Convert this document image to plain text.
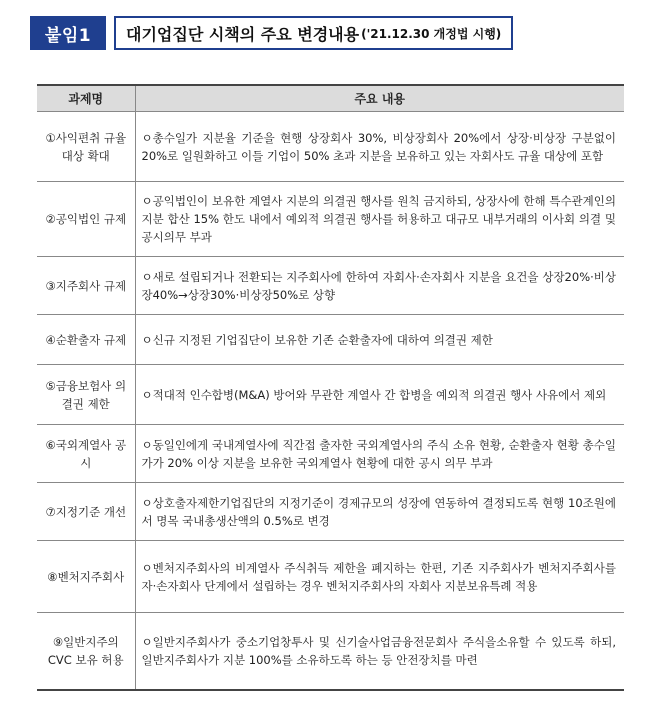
붙임1	대기업집단 시책의 주요 변경내용 ('21.12.30 개정법 시행)
과제명	주요 내용
①사익편취 규율대상 확대	ㅇ총수일가 지분율 기준을 현행 상장회사 30%, 비상장회사 20%에서 상장·비상장 구분없이 20%로 일원화하고 이들 기업이 50% 초과 지분을 보유하고 있는 자회사도 규율 대상에 포함
②공익법인 규제	ㅇ공익법인이 보유한 계열사 지분의 의결권 행사를 원칙 금지하되, 상장사에 한해 특수관계인의 지분 합산 15% 한도 내에서 예외적 의결권 행사를 허용하고 대규모 내부거래의 이사회 의결 및 공시의무 부과
③지주회사 규제	ㅇ새로 설립되거나 전환되는 지주회사에 한하여 자회사·손자회사 지분을 요건을 상장20%·비상장40%→상장30%·비상장50%로 상향
④순환출자 규제	ㅇ신규 지정된 기업집단이 보유한 기존 순환출자에 대하여 의결권 제한
⑤금융보험사 의결권 제한	ㅇ적대적 인수합병(M&A) 방어와 무관한 계열사 간 합병을 예외적 의결권 행사 사유에서 제외
⑥국외계열사 공시	ㅇ동일인에게 국내계열사에 직간접 출자한 국외계열사의 주식 소유 현황, 순환출자 현황 총수일가가 20% 이상 지분을 보유한 국외계열사 현황에 대한 공시 의무 부과
⑦지정기준 개선	ㅇ상호출자제한기업집단의 지정기준이 경제규모의 성장에 연동하여 결정되도록 현행 10조원에서 명목 국내총생산액의 0.5%로 변경
⑧벤처지주회사	ㅇ벤처지주회사의 비계열사 주식취득 제한을 폐지하는 한편, 기존 지주회사가 벤처지주회사를 자·손자회사 단계에서 설립하는 경우 벤처지주회사의 자회사 지분보유특례 적용
⑨일반지주의 CVC 보유 허용	ㅇ일반지주회사가 중소기업창투사 및 신기술사업금융전문회사 주식을소유할 수 있도록 하되, 일반지주회사가 지분 100%를 소유하도록 하는 등 안전장치를 마련
